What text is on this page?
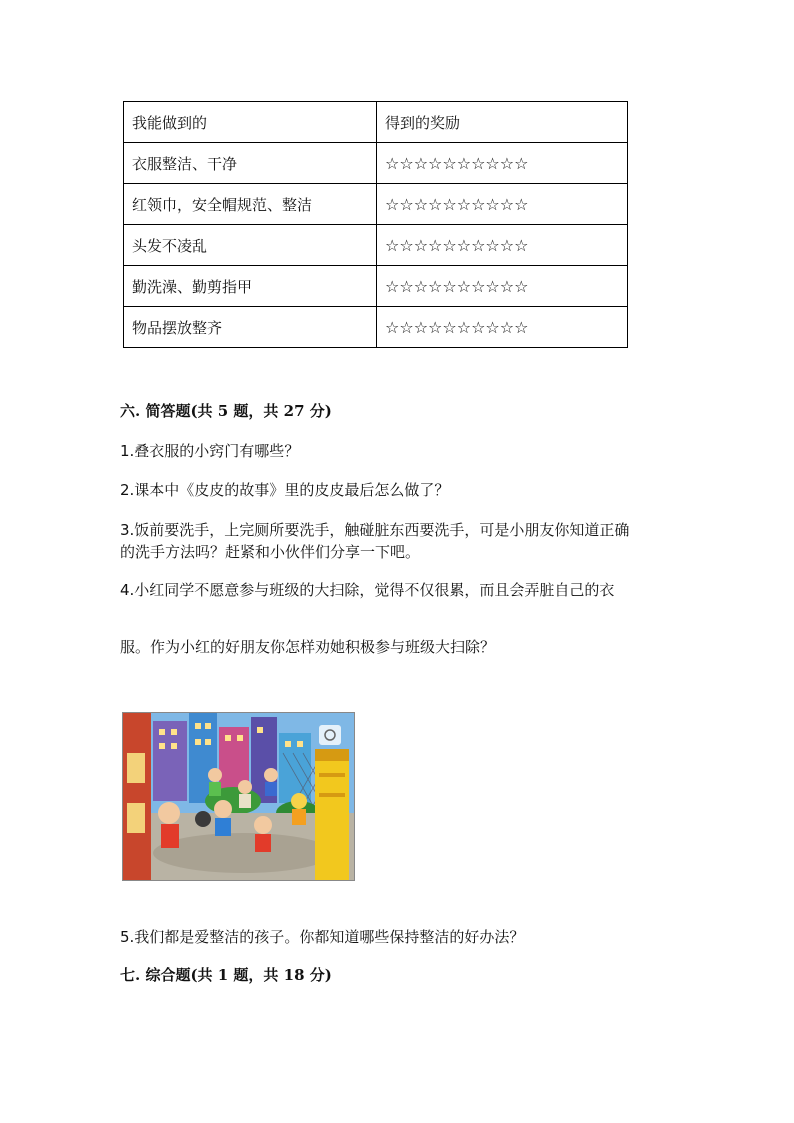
我能做到的	得到的奖励
衣服整洁、干净	☆☆☆☆☆☆☆☆☆☆
红领巾，安全帽规范、整洁	☆☆☆☆☆☆☆☆☆☆
头发不凌乱	☆☆☆☆☆☆☆☆☆☆
勤洗澡、勤剪指甲	☆☆☆☆☆☆☆☆☆☆
物品摆放整齐	☆☆☆☆☆☆☆☆☆☆
六. 简答题(共 5 题，共 27 分)
1.叠衣服的小窍门有哪些？
2.课本中《皮皮的故事》里的皮皮最后怎么做了？
3.饭前要洗手，上完厕所要洗手，触碰脏东西要洗手，可是小朋友你知道正确
的洗手方法吗？赶紧和小伙伴们分享一下吧。
4.小红同学不愿意参与班级的大扫除，觉得不仅很累，而且会弄脏自己的衣
服。作为小红的好朋友你怎样劝她积极参与班级大扫除？
5.我们都是爱整洁的孩子。你都知道哪些保持整洁的好办法？
七. 综合题(共 1 题，共 18 分)
